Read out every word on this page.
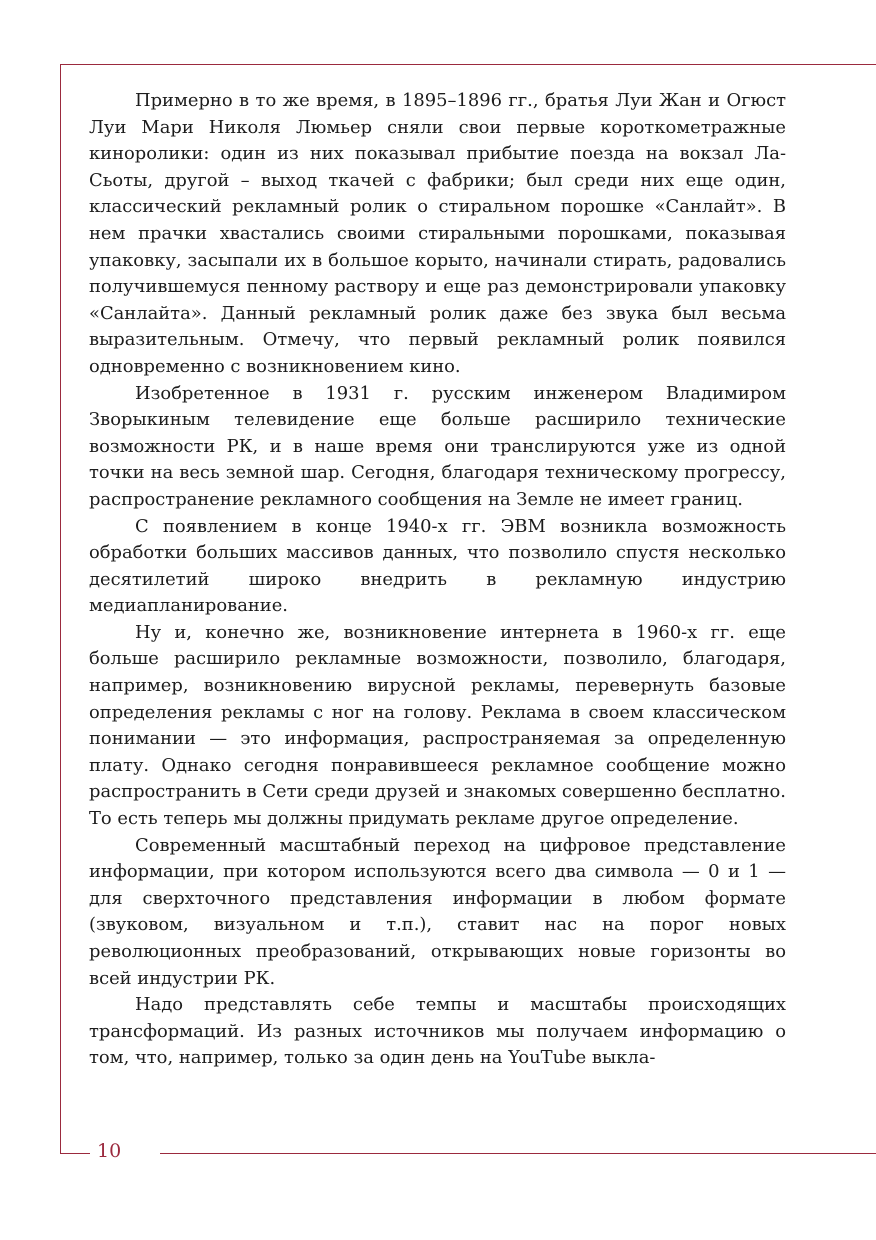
Примерно в то же время, в 1895–1896 гг., братья Луи Жан и Огюст Луи Мари Николя Люмьер сняли свои первые короткометражные киноролики: один из них показывал прибытие поезда на вокзал Ла-Сьоты, другой – выход ткачей с фабрики; был среди них еще один, классический рекламный ролик о стиральном порошке «Санлайт». В нем прачки хвастались своими стиральными порошками, показывая упаковку, засыпали их в большое корыто, начинали стирать, радовались получившемуся пенному раствору и еще раз демонстрировали упаковку «Санлайта». Данный рекламный ролик даже без звука был весьма выразительным. Отмечу, что первый рекламный ролик появился одновременно с возникновением кино.

Изобретенное в 1931 г. русским инженером Владимиром Зворыкиным телевидение еще больше расширило технические возможности РК, и в наше время они транслируются уже из одной точки на весь земной шар. Сегодня, благодаря техническому прогрессу, распространение рекламного сообщения на Земле не имеет границ.

С появлением в конце 1940-х гг. ЭВМ возникла возможность обработки больших массивов данных, что позволило спустя несколько десятилетий широко внедрить в рекламную индустрию медиапланирование.

Ну и, конечно же, возникновение интернета в 1960-х гг. еще больше расширило рекламные возможности, позволило, благодаря, например, возникновению вирусной рекламы, перевернуть базовые определения рекламы с ног на голову. Реклама в своем классическом понимании — это информация, распространяемая за определенную плату. Однако сегодня понравившееся рекламное сообщение можно распространить в Сети среди друзей и знакомых совершенно бесплатно. То есть теперь мы должны придумать рекламе другое определение.

Современный масштабный переход на цифровое представление информации, при котором используются всего два символа — 0 и 1 — для сверхточного представления информации в любом формате (звуковом, визуальном и т.п.), ставит нас на порог новых революционных преобразований, открывающих новые горизонты во всей индустрии РК.

Надо представлять себе темпы и масштабы происходящих трансформаций. Из разных источников мы получаем информацию о том, что, например, только за один день на YouTube выкла-

10
